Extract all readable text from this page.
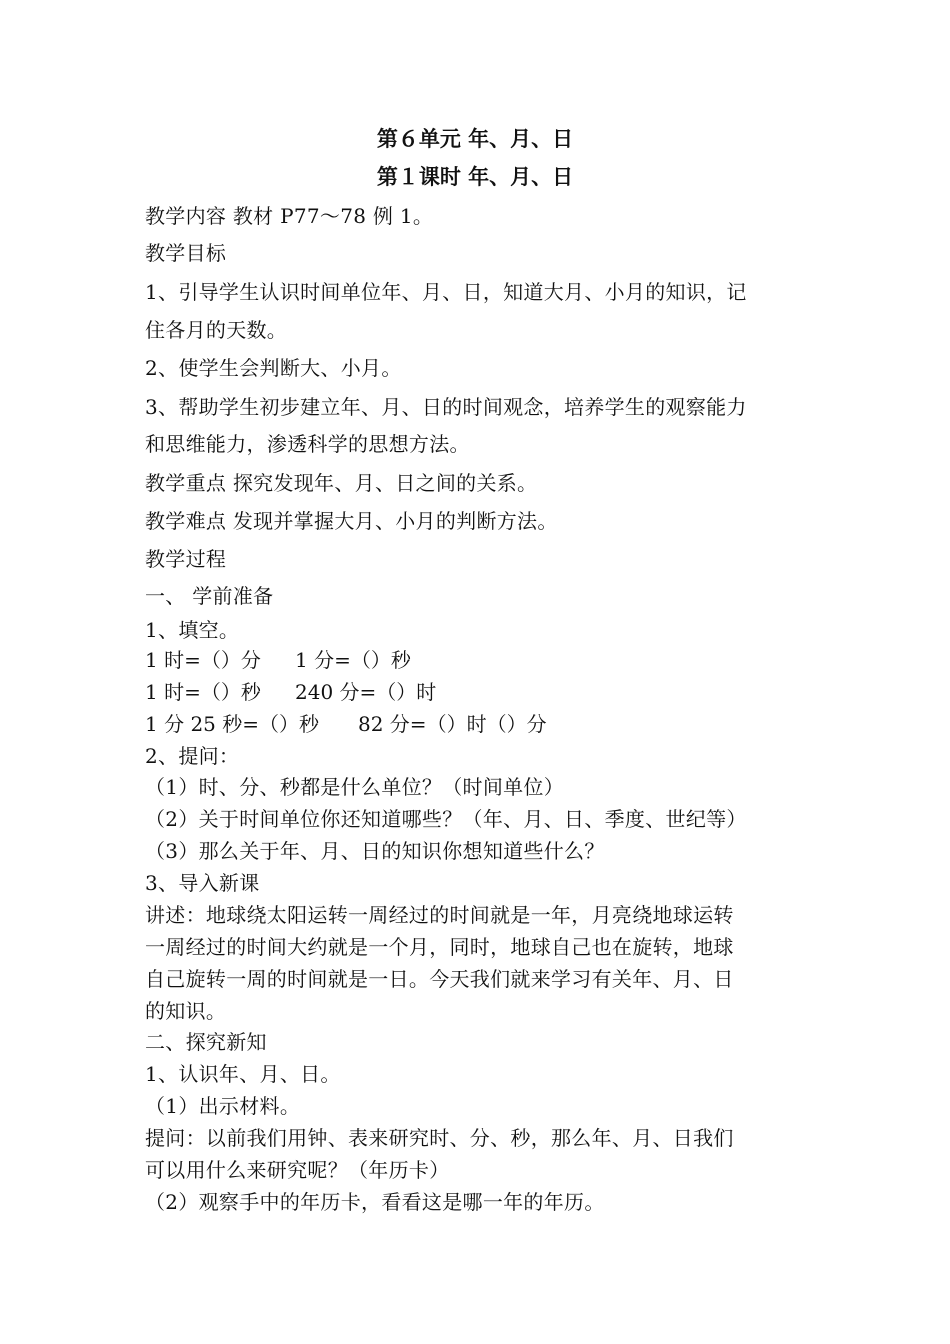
第６单元 年、月、日
第１课时 年、月、日
教学内容 教材 P77～78 例 1。
教学目标
1、引导学生认识时间单位年、月、日，知道大月、小月的知识，记
住各月的天数。
2、使学生会判断大、小月。
3、帮助学生初步建立年、月、日的时间观念，培养学生的观察能力
和思维能力，渗透科学的思想方法。
教学重点 探究发现年、月、日之间的关系。
教学难点 发现并掌握大月、小月的判断方法。
教学过程
一、 学前准备
1、填空。
1 时=（）分 1 分=（）秒
1 时=（）秒 240 分=（）时
1 分 25 秒=（）秒 82 分=（）时（）分
2、提问：
（1）时、分、秒都是什么单位？（时间单位）
（2）关于时间单位你还知道哪些？（年、月、日、季度、世纪等）
（3）那么关于年、月、日的知识你想知道些什么？
3、导入新课
讲述：地球绕太阳运转一周经过的时间就是一年，月亮绕地球运转
一周经过的时间大约就是一个月，同时，地球自己也在旋转，地球
自己旋转一周的时间就是一日。今天我们就来学习有关年、月、日
的知识。
二、探究新知
1、认识年、月、日。
（1）出示材料。
提问：以前我们用钟、表来研究时、分、秒，那么年、月、日我们
可以用什么来研究呢？（年历卡）
（2）观察手中的年历卡，看看这是哪一年的年历。
